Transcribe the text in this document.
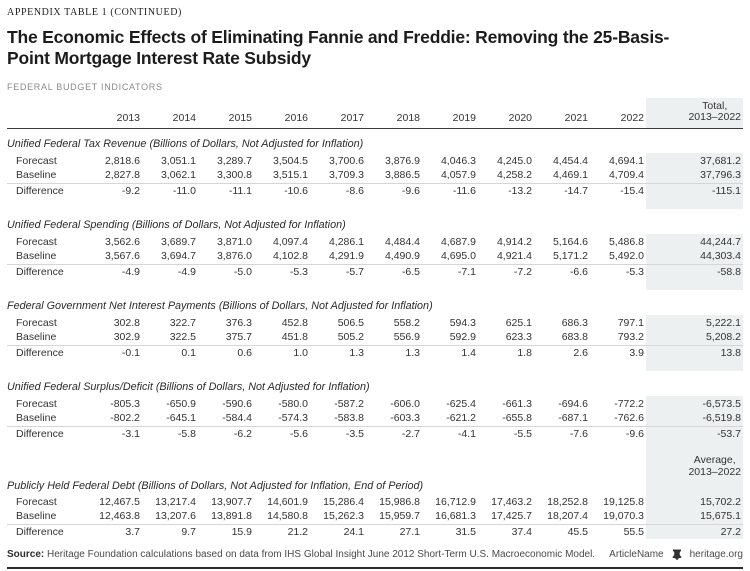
APPENDIX TABLE 1 (CONTINUED)
The Economic Effects of Eliminating Fannie and Freddie: Removing the 25-Basis-Point Mortgage Interest Rate Subsidy
FEDERAL BUDGET INDICATORS
	2013	2014	2015	2016	2017	2018	2019	2020	2021	2022	Total,
2013–2022

Unified Federal Tax Revenue (Billions of Dollars, Not Adjusted for Inflation)											
Forecast	2,818.6	3,051.1	3,289.7	3,504.5	3,700.6	3,876.9	4,046.3	4,245.0	4,454.4	4,694.1	37,681.2
Baseline	2,827.8	3,062.1	3,300.8	3,515.1	3,709.3	3,886.5	4,057.9	4,258.2	4,469.1	4,709.4	37,796.3
Difference	-9.2	-11.0	-11.1	-10.6	-8.6	-9.6	-11.6	-13.2	-14.7	-15.4	-115.1

Unified Federal Spending (Billions of Dollars, Not Adjusted for Inflation)											
Forecast	3,562.6	3,689.7	3,871.0	4,097.4	4,286.1	4,484.4	4,687.9	4,914.2	5,164.6	5,486.8	44,244.7
Baseline	3,567.6	3,694.7	3,876.0	4,102.8	4,291.9	4,490.9	4,695.0	4,921.4	5,171.2	5,492.0	44,303.4
Difference	-4.9	-4.9	-5.0	-5.3	-5.7	-6.5	-7.1	-7.2	-6.6	-5.3	-58.8

Federal Government Net Interest Payments (Billions of Dollars, Not Adjusted for Inflation)											
Forecast	302.8	322.7	376.3	452.8	506.5	558.2	594.3	625.1	686.3	797.1	5,222.1
Baseline	302.9	322.5	375.7	451.8	505.2	556.9	592.9	623.3	683.8	793.2	5,208.2
Difference	-0.1	0.1	0.6	1.0	1.3	1.3	1.4	1.8	2.6	3.9	13.8

Unified Federal Surplus/Deficit (Billions of Dollars, Not Adjusted for Inflation)											
Forecast	-805.3	-650.9	-590.6	-580.0	-587.2	-606.0	-625.4	-661.3	-694.6	-772.2	-6,573.5
Baseline	-802.2	-645.1	-584.4	-574.3	-583.8	-603.3	-621.2	-655.8	-687.1	-762.6	-6,519.8
Difference	-3.1	-5.8	-6.2	-5.6	-3.5	-2.7	-4.1	-5.5	-7.6	-9.6	-53.7

											Average,
2013–2022

Publicly Held Federal Debt (Billions of Dollars, Not Adjusted for Inflation, End of Period)											
Forecast	12,467.5	13,217.4	13,907.7	14,601.9	15,286.4	15,986.8	16,712.9	17,463.2	18,252.8	19,125.8	15,702.2
Baseline	12,463.8	13,207.6	13,891.8	14,580.8	15,262.3	15,959.7	16,681.3	17,425.7	18,207.4	19,070.3	15,675.1
Difference	3.7	9.7	15.9	21.2	24.1	27.1	31.5	37.4	45.5	55.5	27.2
Source: Heritage Foundation calculations based on data from IHS Global Insight June 2012 Short-Term U.S. Macroeconomic Model. ArticleName	heritage.org
